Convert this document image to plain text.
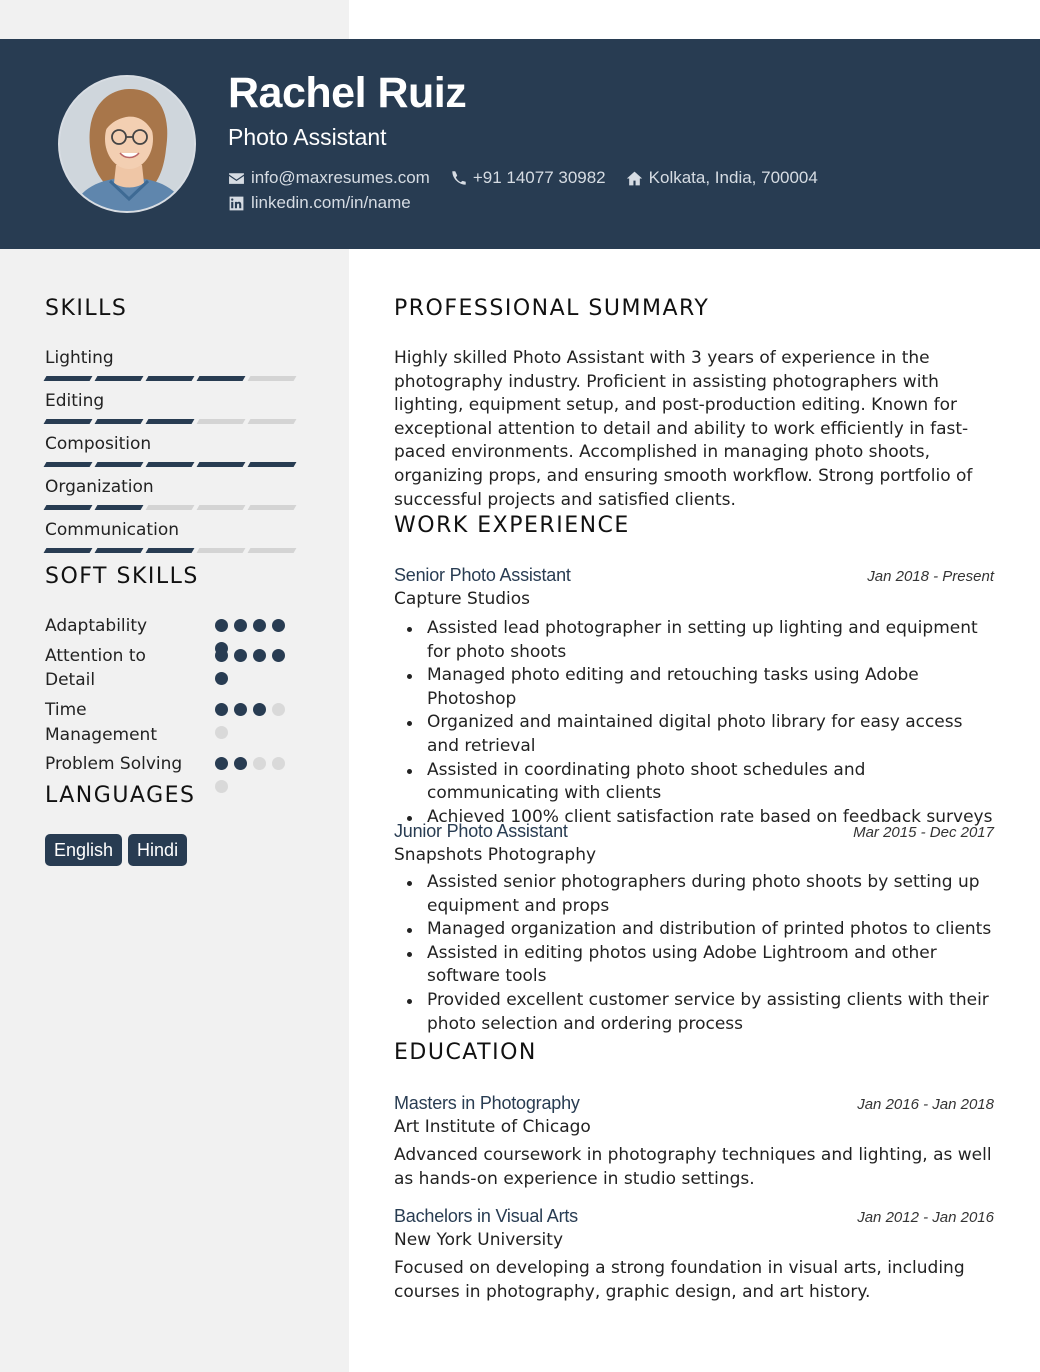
Rachel Ruiz
Photo Assistant
info@maxresumes.com	+91 14077 30982	Kolkata, India, 700004
linkedin.com/in/name
SKILLS
Lighting
Editing
Composition
Organization
Communication
SOFT SKILLS
Adaptability
Attention to Detail
Time Management
Problem Solving
LANGUAGES
English	Hindi
PROFESSIONAL SUMMARY
Highly skilled Photo Assistant with 3 years of experience in the photography industry. Proficient in assisting photographers with lighting, equipment setup, and post-production editing. Known for exceptional attention to detail and ability to work efficiently in fast-paced environments. Accomplished in managing photo shoots, organizing props, and ensuring smooth workflow. Strong portfolio of successful projects and satisfied clients.
WORK EXPERIENCE
Senior Photo Assistant	Jan 2018 - Present
Capture Studios
Assisted lead photographer in setting up lighting and equipment for photo shoots
Managed photo editing and retouching tasks using Adobe Photoshop
Organized and maintained digital photo library for easy access and retrieval
Assisted in coordinating photo shoot schedules and communicating with clients
Achieved 100% client satisfaction rate based on feedback surveys
Junior Photo Assistant	Mar 2015 - Dec 2017
Snapshots Photography
Assisted senior photographers during photo shoots by setting up equipment and props
Managed organization and distribution of printed photos to clients
Assisted in editing photos using Adobe Lightroom and other software tools
Provided excellent customer service by assisting clients with their photo selection and ordering process
EDUCATION
Masters in Photography	Jan 2016 - Jan 2018
Art Institute of Chicago
Advanced coursework in photography techniques and lighting, as well as hands-on experience in studio settings.
Bachelors in Visual Arts	Jan 2012 - Jan 2016
New York University
Focused on developing a strong foundation in visual arts, including courses in photography, graphic design, and art history.
